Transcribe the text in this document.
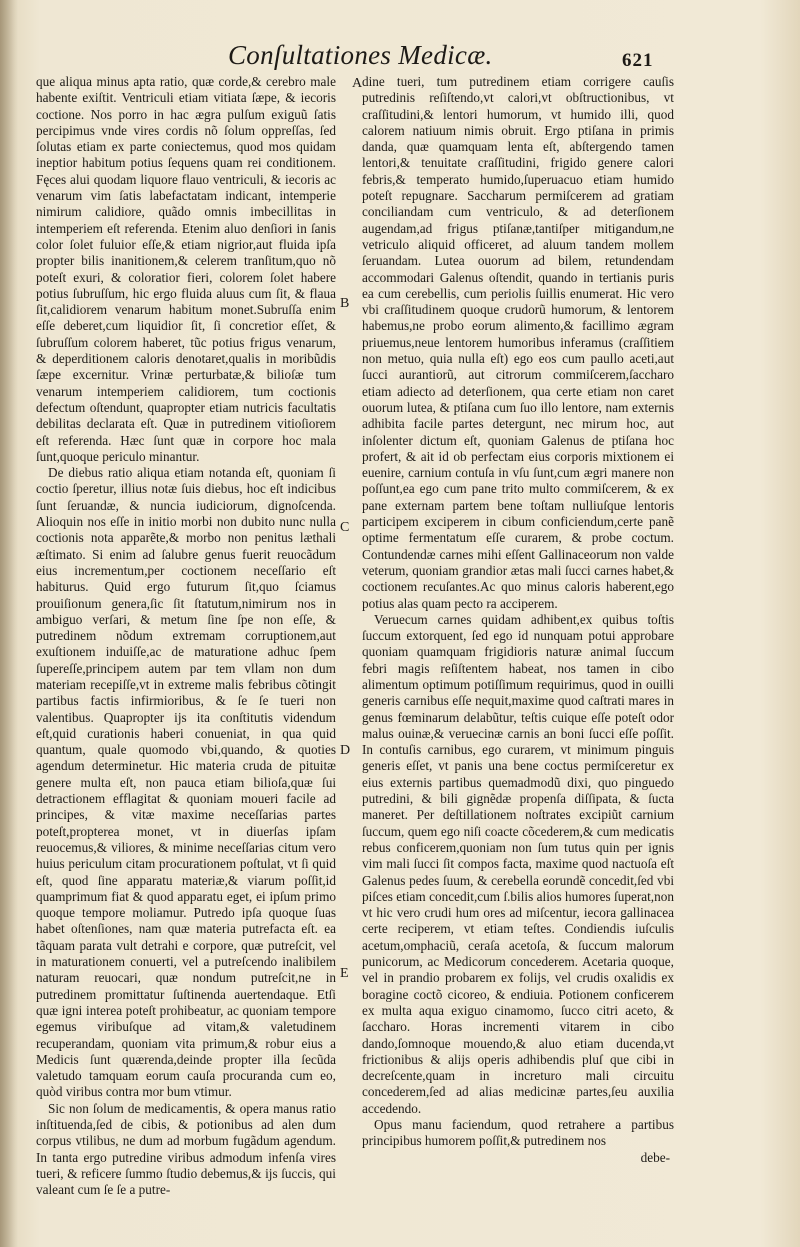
Conſultationes Medicæ.	621

que aliqua minus apta ratio, quæ corde,& cerebro male habente exiſtit. Ventriculi etiam vitiata ſæpe, & iecoris coctione. Nos porro in hac ægra pulſum exiguũ ſatis percipimus vnde vires cordis nõ ſolum oppreſſas, ſed ſolutas etiam ex parte coniectemus, quod mos quidam ineptior habitum potius ſequens quam rei conditionem. Fęces alui quodam liquore flauo ventriculi, & iecoris ac venarum vim ſatis labefactatam indicant, intemperie nimirum calidiore, quãdo omnis imbecillitas in intemperiem eſt referenda. Etenim aluo denſiori in ſanis color ſolet fuluior eſſe,& etiam nigrior,aut fluida ipſa propter bilis inanitionem,& celerem tranſitum,quo nõ poteſt exuri, & coloratior fieri, colorem ſolet habere potius ſubruſſum, hic ergo fluida aluus cum ſit, & flaua ſit,calidiorem venarum habitum monet.Subruſſa enim eſſe deberet,cum liquidior ſit, ſi concretior eſſet, & ſubruſſum colorem haberet, tũc potius frigus venarum, & deperditionem caloris denotaret,qualis in moribũdis ſæpe excernitur. Vrinæ perturbatæ,& bilioſæ tum venarum intemperiem calidiorem, tum coctionis defectum oſtendunt, quapropter etiam nutricis facultatis debilitas declarata eſt. Quæ in putredinem vitioſiorem eſt referenda. Hæc ſunt quæ in corpore hoc mala ſunt,quoque periculo minantur.

De diebus ratio aliqua etiam notanda eſt, quoniam ſi coctio ſperetur, illius notæ ſuis diebus, hoc eſt indicibus ſunt ſeruandæ, & nuncia iudiciorum, dignoſcenda. Alioquin nos eſſe in initio morbi non dubito nunc nulla coctionis nota apparẽte,& morbo non penitus læthali æſtimato. Si enim ad ſalubre genus fuerit reuocãdum eius incrementum,per coctionem neceſſario eſt habiturus. Quid ergo futurum ſit,quo ſciamus prouiſionum genera,ſic ſit ſtatutum,nimirum nos in ambiguo verſari, & metum ſine ſpe non eſſe, & putredinem nõdum extremam corruptionem,aut exuſtionem induiſſe,ac de maturatione adhuc ſpem ſupereſſe,principem autem par tem vllam non dum materiam recepiſſe,vt in extreme malis febribus cõtingit partibus factis infirmioribus, & ſe ſe tueri non valentibus. Quapropter ijs ita conſtitutis videndum eſt,quid curationis haberi conueniat, in qua quid quantum, quale quomodo vbi,quando, & quoties agendum determinetur. Hic materia cruda de pituitæ genere multa eſt, non pauca etiam bilioſa,quæ ſui detractionem efflagitat & quoniam moueri facile ad principes, & vitæ maxime neceſſarias partes poteſt,propterea monet, vt in diuerſas ipſam reuocemus,& viliores, & minime neceſſarias citum vero huius periculum citam procurationem poſtulat, vt ſi quid eſt, quod ſine apparatu materiæ,& viarum poſſit,id quamprimum fiat & quod apparatu eget, ei ipſum primo quoque tempore moliamur. Putredo ipſa quoque ſuas habet oſtenſiones, nam quæ materia putrefacta eſt. ea tãquam parata vult detrahi e corpore, quæ putreſcit, vel in maturationem conuerti, vel a putreſcendo inalibilem naturam reuocari, quæ nondum putreſcit,ne in putredinem promittatur ſuſtinenda auertendaque. Etſi quæ igni interea poteſt prohibeatur, ac quoniam tempore egemus viribuſque ad vitam,& valetudinem recuperandam, quoniam vita primum,& robur eius a Medicis ſunt quærenda,deinde propter illa ſecũda valetudo tamquam eorum cauſa procuranda cum eo, quòd viribus contra mor bum vtimur.

Sic non ſolum de medicamentis, & opera manus ratio inſtituenda,ſed de cibis, & potionibus ad alen dum corpus vtilibus, ne dum ad morbum fugãdum agendum. In tanta ergo putredine viribus admodum infenſa vires tueri, & reficere ſummo ſtudio debemus,& ijs ſuccis, qui valeant cum ſe ſe a putre-

dine tueri, tum putredinem etiam corrigere cauſis putredinis reſiſtendo,vt calori,vt obſtructionibus, vt craſſitudini,& lentori humorum, vt humido illi, quod calorem natiuum nimis obruit. Ergo ptiſana in primis danda, quæ quamquam lenta eſt, abſtergendo tamen lentori,& tenuitate craſſitudini, frigido genere calori febris,& temperato humido,ſuperuacuo etiam humido poteſt repugnare. Saccharum permiſcerem ad gratiam conciliandam cum ventriculo, & ad deterſionem augendam,ad frigus ptiſanæ,tantiſper mitigandum,ne vetriculo aliquid officeret, ad aluum tandem mollem ſeruandam. Lutea ouorum ad bilem, retundendam accommodari Galenus oſtendit, quando in tertianis puris ea cum cerebellis, cum periolis ſuillis enumerat. Hic vero vbi craſſitudinem quoque crudorũ humorum, & lentorem habemus,ne probo eorum alimento,& facillimo ægram priuemus,neue lentorem humoribus inferamus (craſſitiem non metuo, quia nulla eſt) ego eos cum paullo aceti,aut ſucci aurantiorũ, aut citrorum commiſcerem,ſaccharo etiam adiecto ad deterſionem, qua certe etiam non caret ouorum lutea, & ptiſana cum ſuo illo lentore, nam externis adhibita facile partes detergunt, nec mirum hoc, aut inſolenter dictum eſt, quoniam Galenus de ptiſana hoc profert, & ait id ob perfectam eius corporis mixtionem ei euenire, carnium contuſa in vſu ſunt,cum ægri manere non poſſunt,ea ego cum pane trito multo commiſcerem, & ex pane externam partem bene toſtam nulliuſque lentoris participem exciperem in cibum conficiendum,certe panẽ optime fermentatum eſſe curarem, & probe coctum. Contundendæ carnes mihi eſſent Gallinaceorum non valde veterum, quoniam grandior ætas mali ſucci carnes habet,& coctionem recuſantes.Ac quo minus caloris haberent,ego potius alas quam pecto ra acciperem.

Veruecum carnes quidam adhibent,ex quibus toſtis ſuccum extorquent, ſed ego id nunquam potui approbare quoniam quamquam frigidioris naturæ animal ſuccum febri magis reſiſtentem habeat, nos tamen in cibo alimentum optimum potiſſimum requirimus, quod in ouilli generis carnibus eſſe nequit,maxime quod caſtrati mares in genus fœminarum delabũtur, teſtis cuique eſſe poteſt odor malus ouinæ,& veruecinæ carnis an boni ſucci eſſe poſſit. In contuſis carnibus, ego curarem, vt minimum pinguis generis eſſet, vt panis una bene coctus permiſceretur ex eius externis partibus quemadmodũ dixi, quo pinguedo putredini, & bili gignẽdæ propenſa diſſipata, & ſucta maneret. Per deſtillationem noſtrates excipiũt carnium ſuccum, quem ego niſi coacte cõcederem,& cum medicatis rebus conficerem,quoniam non ſum tutus quin per ignis vim mali ſucci ſit compos facta, maxime quod nactuoſa eſt Galenus pedes ſuum, & cerebella eorundẽ concedit,ſed vbi piſces etiam concedit,cum ſ.bilis alios humores ſuperat,non vt hic vero crudi hum ores ad miſcentur, iecora gallinacea certe reciperem, vt etiam teſtes. Condiendis iuſculis acetum,omphaciũ, ceraſa acetoſa, & ſuccum malorum punicorum, ac Medicorum concederem. Acetaria quoque, vel in prandio probarem ex folijs, vel crudis oxalidis ex boragine coctõ cicoreo, & endiuia. Potionem conficerem ex multa aqua exiguo cinamomo, ſucco citri aceto, & ſaccharo. Horas incrementi vitarem in cibo dando,ſomnoque mouendo,& aluo etiam ducenda,vt frictionibus & alijs operis adhibendis pluſ que cibi in decreſcente,quam in increturo mali circuitu concederem,ſed ad alias medicinæ partes,ſeu auxilia accedendo.

Opus manu faciendum, quod retrahere a partibus principibus humorem poſſit,& putredinem nos

debe-
A
B
C
D
E
